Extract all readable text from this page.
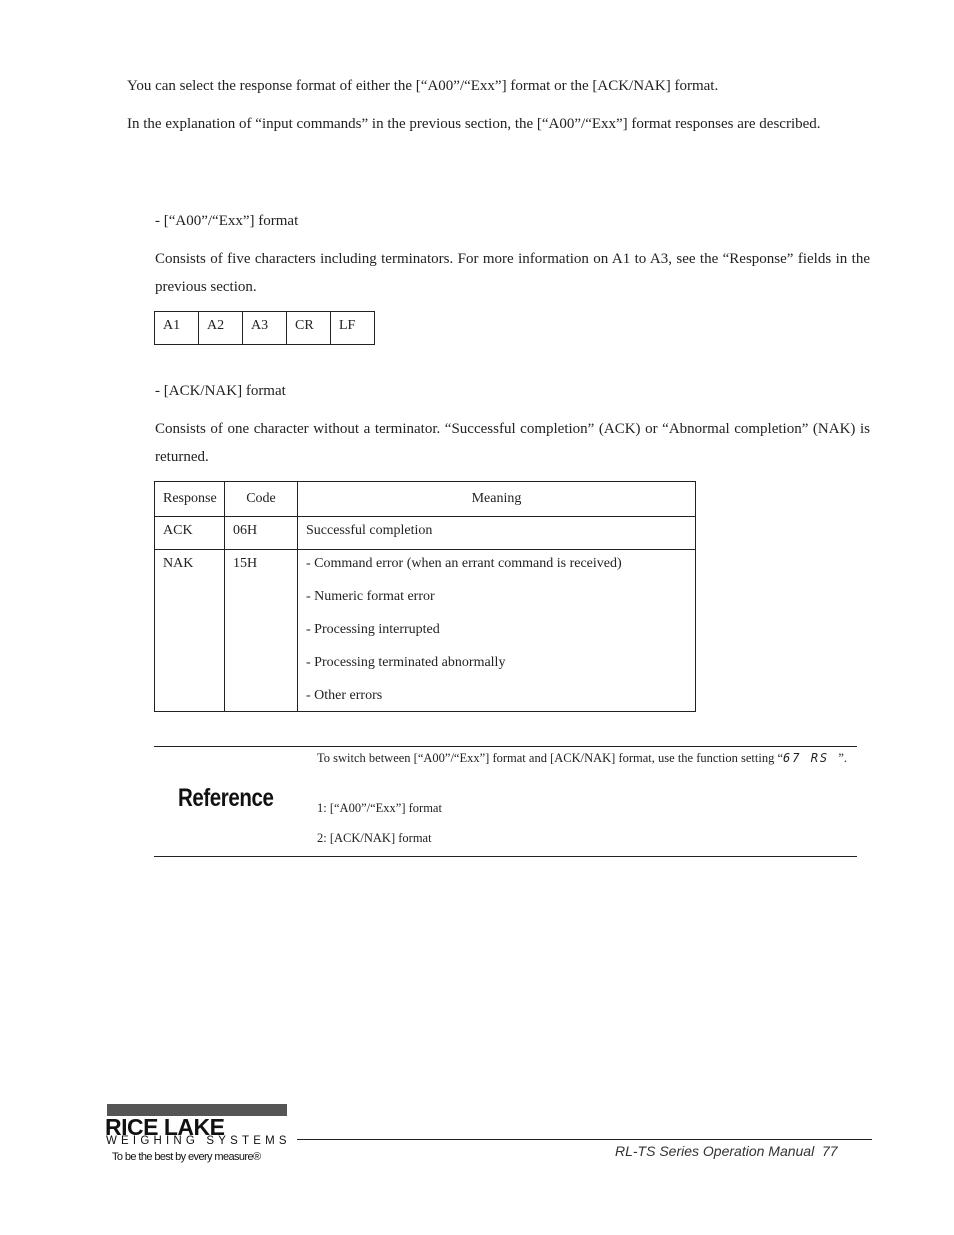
You can select the response format of either the [“A00”/“Exx”] format or the [ACK/NAK] format.
In the explanation of “input commands” in the previous section, the [“A00”/“Exx”] format responses are described.
- [“A00”/“Exx”] format
Consists of five characters including terminators. For more information on A1 to A3, see the “Response” fields in the previous section.
A1	A2	A3	CR	LF
- [ACK/NAK] format
Consists of one character without a terminator. “Successful completion” (ACK) or “Abnormal completion” (NAK) is returned.
Response	Code	Meaning
ACK	06H	Successful completion
NAK	15H	- Command error (when an errant command is received)
- Numeric format error
- Processing interrupted
- Processing terminated abnormally
- Other errors
Reference
To switch between [“A00”/“Exx”] format and [ACK/NAK] format, use the function setting “67 RS ”.
1: [“A00”/“Exx”] format
2: [ACK/NAK] format
RICE LAKE
WEIGHING SYSTEMS
To be the best by every measure®	RL-TS Series Operation Manual 77
